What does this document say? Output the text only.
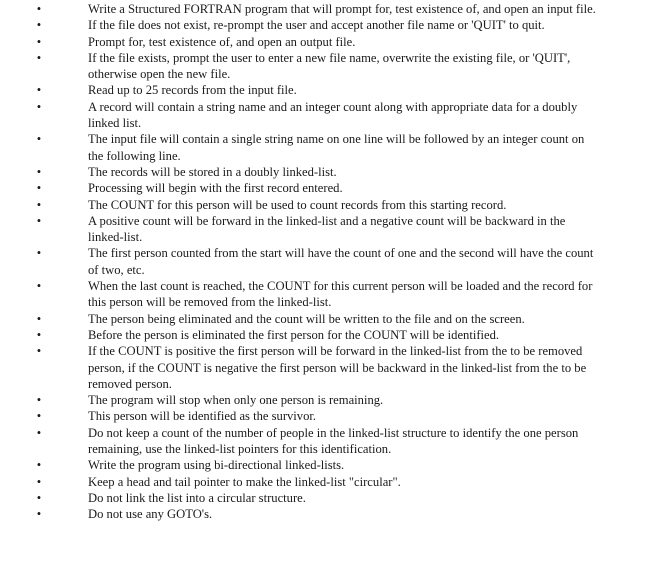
•	Write a Structured FORTRAN program that will prompt for, test existence of, and open an input file.
•	If the file does not exist, re-prompt the user and accept another file name or 'QUIT' to quit.
•	Prompt for, test existence of, and open an output file.
•	If the file exists, prompt the user to enter a new file name, overwrite the existing file, or 'QUIT', otherwise open the new file.
•	Read up to 25 records from the input file.
•	A record will contain a string name and an integer count along with appropriate data for a doubly linked list.
•	The input file will contain a single string name on one line will be followed by an integer count on the following line.
•	The records will be stored in a doubly linked-list.
•	Processing will begin with the first record entered.
•	The COUNT for this person will be used to count records from this starting record.
•	A positive count will be forward in the linked-list and a negative count will be backward in the linked-list.
•	The first person counted from the start will have the count of one and the second will have the count of two, etc.
•	When the last count is reached, the COUNT for this current person will be loaded and the record for this person will be removed from the linked-list.
•	The person being eliminated and the count will be written to the file and on the screen.
•	Before the person is eliminated the first person for the COUNT will be identified.
•	If the COUNT is positive the first person will be forward in the linked-list from the to be removed person, if the COUNT is negative the first person will be backward in the linked-list from the to be removed person.
•	The program will stop when only one person is remaining.
•	This person will be identified as the survivor.
•	Do not keep a count of the number of people in the linked-list structure to identify the one person remaining, use the linked-list pointers for this identification.
•	Write the program using bi-directional linked-lists.
•	Keep a head and tail pointer to make the linked-list "circular".
•	Do not link the list into a circular structure.
•	Do not use any GOTO's.
